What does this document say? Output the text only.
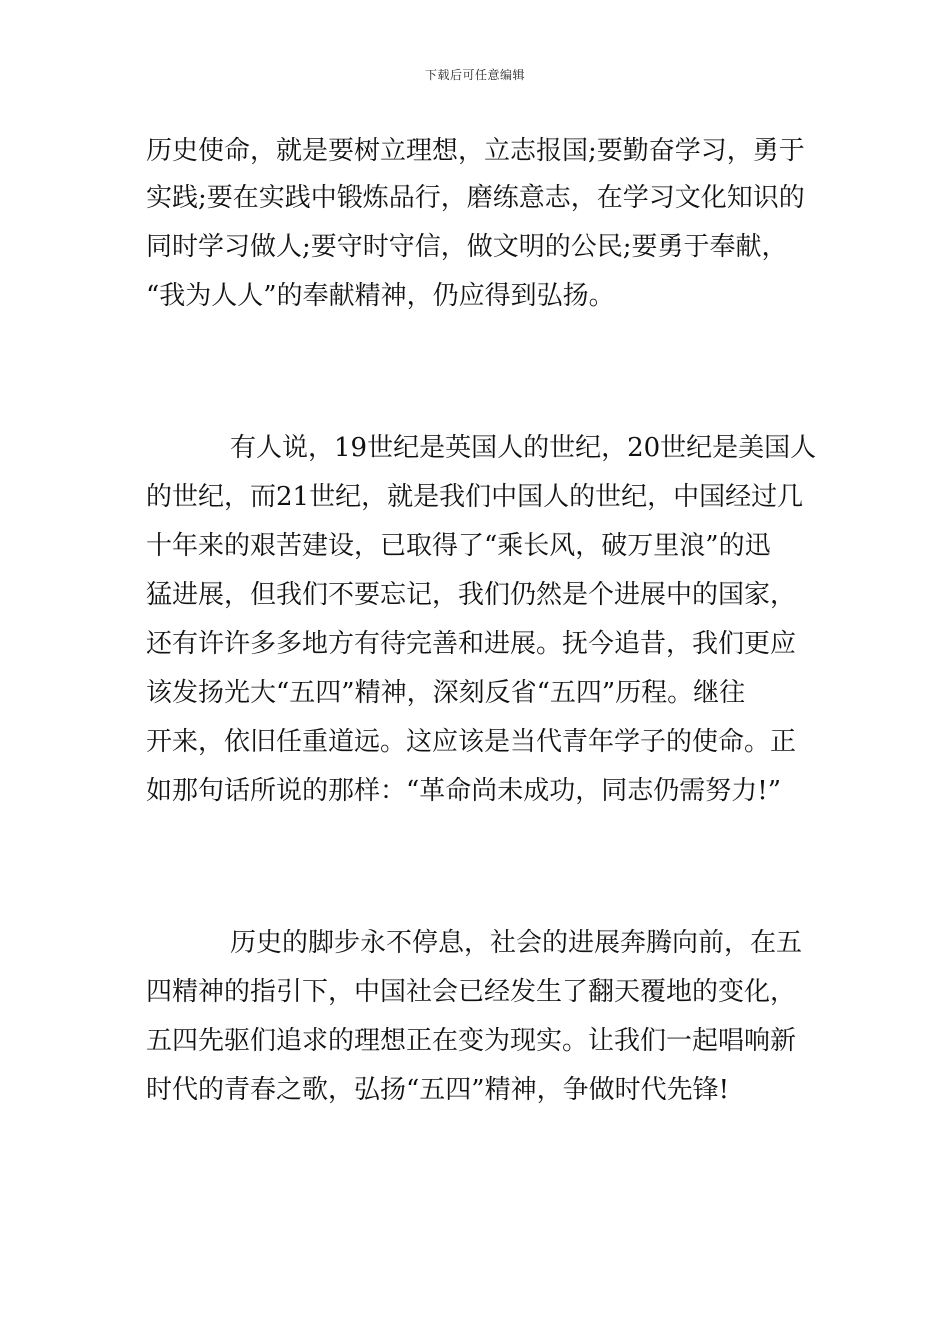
下载后可任意编辑
历史使命，就是要树立理想，立志报国;要勤奋学习，勇于
实践;要在实践中锻炼品行，磨练意志，在学习文化知识的
同时学习做人;要守时守信，做文明的公民;要勇于奉献，
“我为人人”的奉献精神，仍应得到弘扬。
有人说，19世纪是英国人的世纪，20世纪是美国人
的世纪，而21世纪，就是我们中国人的世纪，中国经过几
十年来的艰苦建设，已取得了“乘长风，破万里浪”的迅
猛进展，但我们不要忘记，我们仍然是个进展中的国家，
还有许许多多地方有待完善和进展。抚今追昔，我们更应
该发扬光大“五四”精神，深刻反省“五四”历程。继往
开来，依旧任重道远。这应该是当代青年学子的使命。正
如那句话所说的那样：“革命尚未成功，同志仍需努力!”
历史的脚步永不停息，社会的进展奔腾向前，在五
四精神的指引下，中国社会已经发生了翻天覆地的变化，
五四先驱们追求的理想正在变为现实。让我们一起唱响新
时代的青春之歌，弘扬“五四”精神，争做时代先锋!
